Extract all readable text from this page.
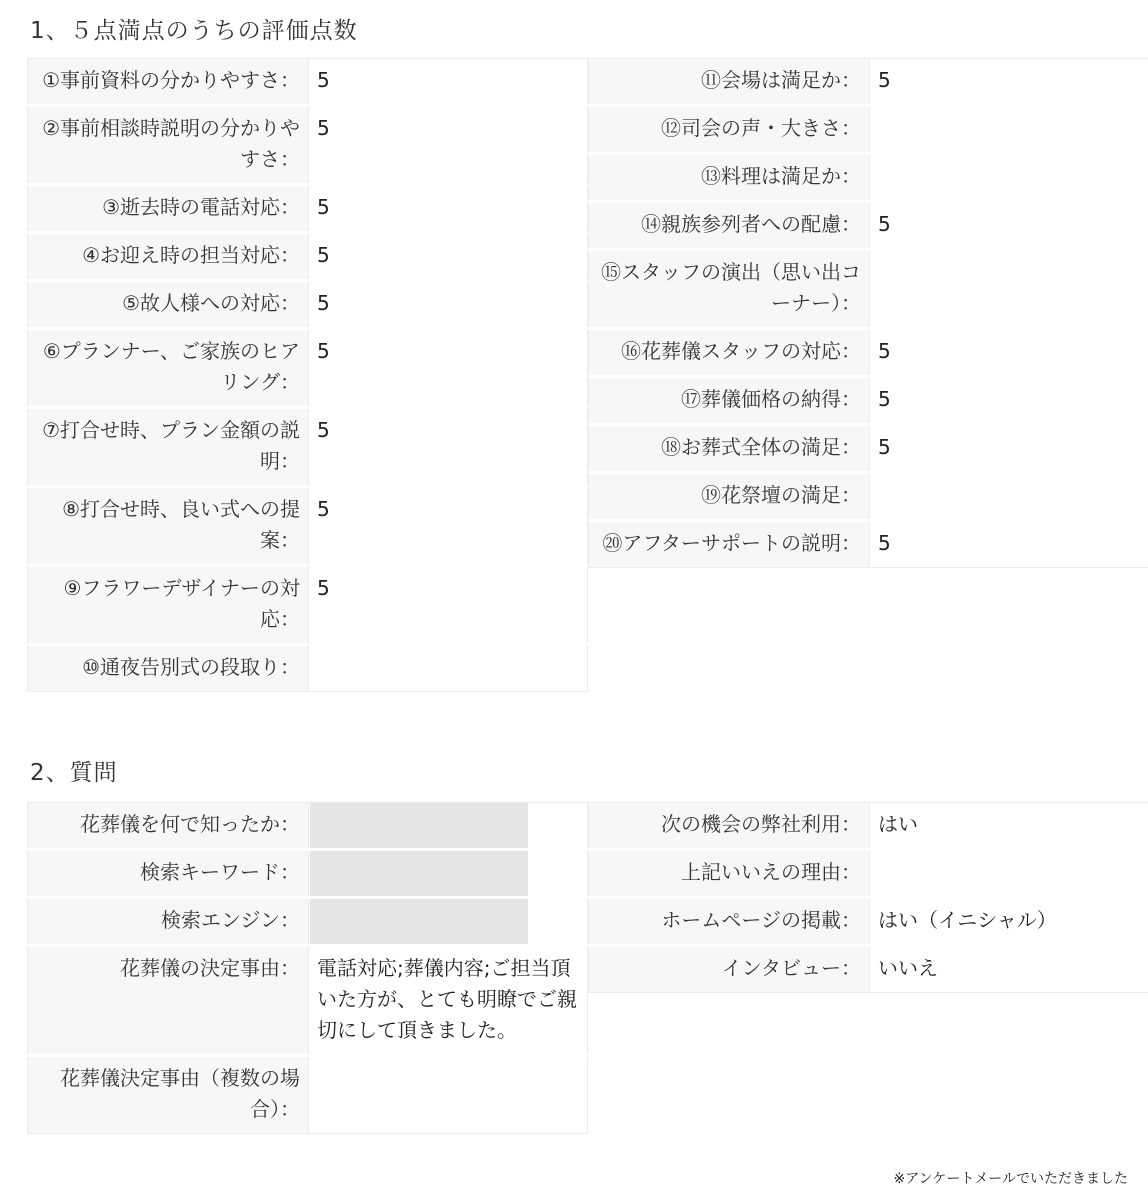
1、５点満点のうちの評価点数
①事前資料の分かりやすさ：	5
②事前相談時説明の分かりやすさ：	5
③逝去時の電話対応：	5
④お迎え時の担当対応：	5
⑤故人様への対応：	5
⑥プランナー、ご家族のヒアリング：	5
⑦打合せ時、プラン金額の説明：	5
⑧打合せ時、良い式への提案：	5
⑨フラワーデザイナーの対応：	5
⑩通夜告別式の段取り：	
⑪会場は満足か：	5
⑫司会の声・大きさ：	
⑬料理は満足か：	
⑭親族参列者への配慮：	5
⑮スタッフの演出（思い出コーナー）：	
⑯花葬儀スタッフの対応：	5
⑰葬儀価格の納得：	5
⑱お葬式全体の満足：	5
⑲花祭壇の満足：	
⑳アフターサポートの説明：	5
2、質問
花葬儀を何で知ったか：	

検索キーワード：	

検索エンジン：	

花葬儀の決定事由：	電話対応;葬儀内容;ご担当頂いた方が、とても明瞭でご親切にして頂きました。
花葬儀決定事由（複数の場合）：	
次の機会の弊社利用：	はい
上記いいえの理由：	
ホームページの掲載：	はい（イニシャル）
インタビュー：	いいえ
※アンケートメールでいただきました
